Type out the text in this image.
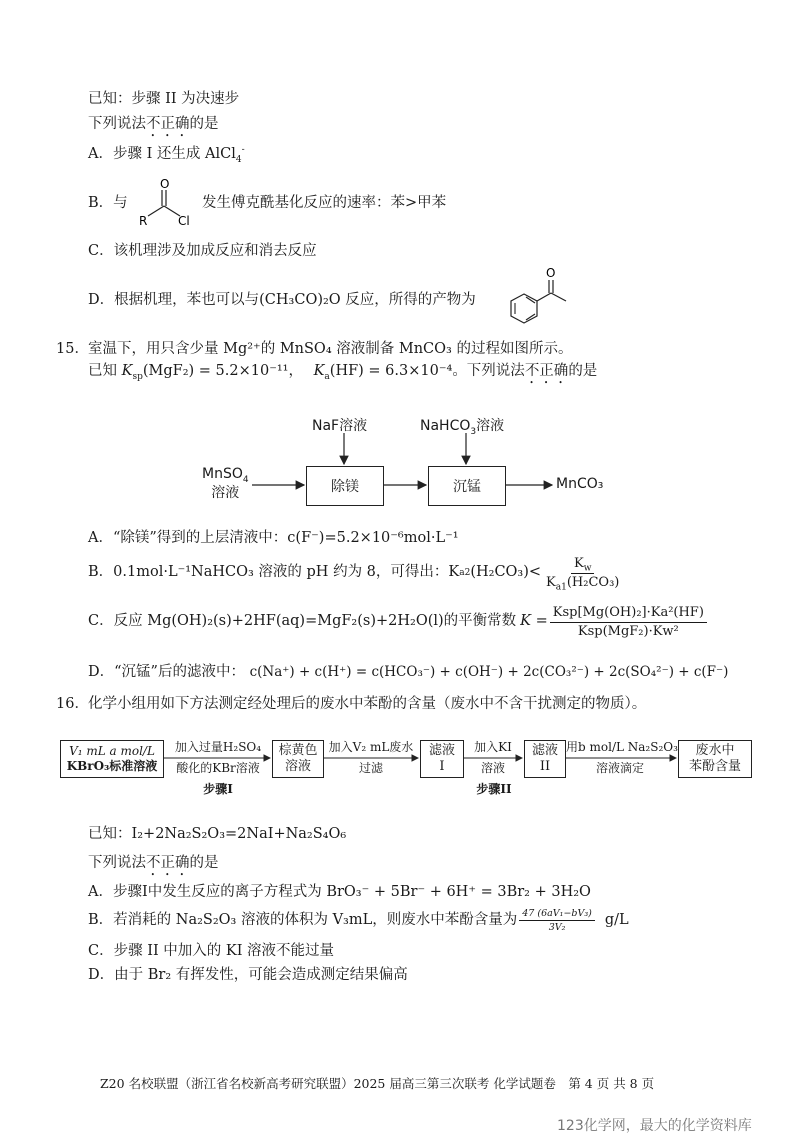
已知：步骤 II 为决速步
下列说法不正确的是
A．步骤 I 还生成 AlCl$_4$-
B．与
O
R	Cl
发生傅克酰基化反应的速率：苯>甲苯
C．该机理涉及加成反应和消去反应
D．根据机理，苯也可以与(CH₃CO)₂O 反应，所得的产物为
O
15． 室温下，用只含少量 Mg²⁺的 MnSO₄ 溶液制备 MnCO₃ 的过程如图所示。
已知 $K_{sp}(MgF_2) = 5.2\times 10^{-11}$， $K_a(HF) = 6.3\times 10^{-4}$。下列说法不正确的是
MnSO$_4$
溶液
NaF溶液	NaHCO$_3$溶液
除镁	沉锰	MnCO₃
A．“除镁”得到的上层清液中：c(F⁻)=5.2×10⁻⁶mol·L⁻¹
B． 0.1mol·L⁻¹NaHCO₃ 溶液的 pH 约为 8，可得出：K a2 $(H_2CO_3)< \frac{K_w}{K_{a1}(H_2CO_3)}$
C． 反应 Mg(OH)₂(s)+2HF(aq)=MgF₂(s)+2H₂O(l)的平衡常数 $K = \frac{\text{Ksp[Mg(OH)₂]·Ka²(HF)}}{\text{Ksp(MgF₂)·Kw²}}$
D．“沉锰”后的滤液中： c(Na⁺) + c(H⁺) = c(HCO₃⁻) + c(OH⁻) + 2c(CO₃²⁻) + 2c(SO₄²⁻) + c(F⁻)
16． 化学小组用如下方法测定经处理后的废水中苯酚的含量（废水中不含干扰测定的物质）。
V₁ mL a mol/L
KBrO₃标准溶液
加入过量H₂SO₄
酸化的KBr溶液
棕黄色溶液
加入V₂ mL废水
过滤
滤液
I
加入KI
溶液
滤液
II
用b mol/L Na₂S₂O₃
溶液滴定
废水中
苯酚含量
步骤I	步骤II
已知：I₂+2Na₂S₂O₃=2NaI+Na₂S₄O₆
下列说法不正确的是
A．步骤I中发生反应的离子方程式为 BrO₃⁻ + 5Br⁻ + 6H⁺ = 3Br₂ + 3H₂O
B． 若消耗的 Na₂S₂O₃ 溶液的体积为 V₃mL，则废水中苯酚含量为 $\frac{\text{47 (6aV₁−bV₃)}}{\text{3V₂}} g/L$
C．步骤 II 中加入的 KI 溶液不能过量
D．由于 Br₂ 有挥发性，可能会造成测定结果偏高
Z20 名校联盟（浙江省名校新高考研究联盟）2025 届高三第三次联考 化学试题卷　第 4 页 共 8 页
123化学网，最大的化学资料库
